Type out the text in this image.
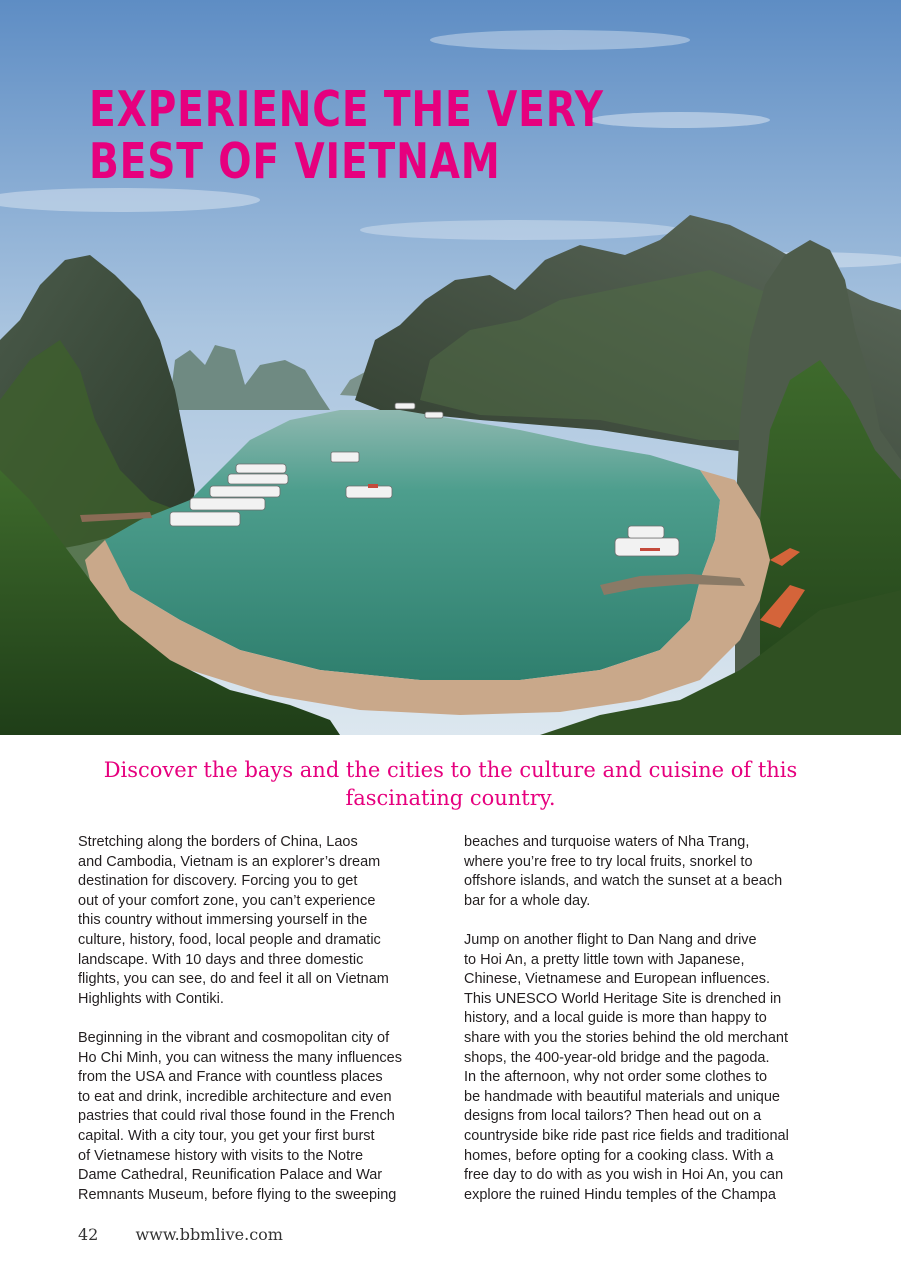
EXPERIENCE THE VERY
BEST OF VIETNAM

Discover the bays and the cities to the culture and cuisine of this fascinating country.

Stretching along the borders of China, Laos
and Cambodia, Vietnam is an explorer’s dream
destination for discovery. Forcing you to get
out of your comfort zone, you can’t experience
this country without immersing yourself in the
culture, history, food, local people and dramatic
landscape. With 10 days and three domestic
flights, you can see, do and feel it all on Vietnam
Highlights with Contiki.

Beginning in the vibrant and cosmopolitan city of
Ho Chi Minh, you can witness the many influences
from the USA and France with countless places
to eat and drink, incredible architecture and even
pastries that could rival those found in the French
capital. With a city tour, you get your first burst
of Vietnamese history with visits to the Notre
Dame Cathedral, Reunification Palace and War
Remnants Museum, before flying to the sweeping

beaches and turquoise waters of Nha Trang,
where you’re free to try local fruits, snorkel to
offshore islands, and watch the sunset at a beach
bar for a whole day.

Jump on another flight to Dan Nang and drive
to Hoi An, a pretty little town with Japanese,
Chinese, Vietnamese and European influences.
This UNESCO World Heritage Site is drenched in
history, and a local guide is more than happy to
share with you the stories behind the old merchant
shops, the 400-year-old bridge and the pagoda.
In the afternoon, why not order some clothes to
be handmade with beautiful materials and unique
designs from local tailors? Then head out on a
countryside bike ride past rice fields and traditional
homes, before opting for a cooking class. With a
free day to do with as you wish in Hoi An, you can
explore the ruined Hindu temples of the Champa

42 www.bbmlive.com
